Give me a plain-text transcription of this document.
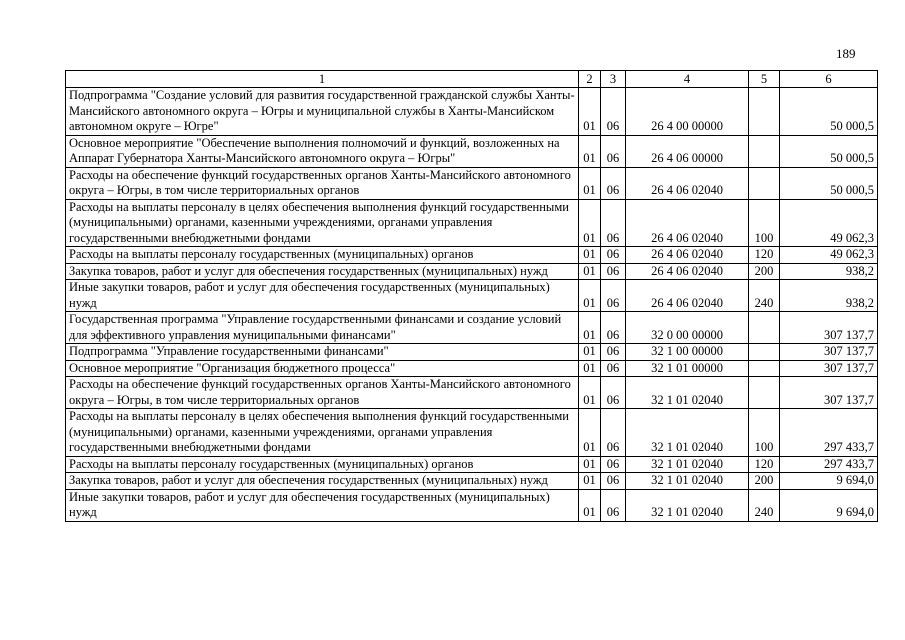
189
1	2	3	4	5	6
Подпрограмма "Создание условий для развития государственной гражданской службы Ханты-Мансийского автономного округа – Югры и муниципальной службы в Ханты-Мансийском автономном округе – Югре"	01	06	26 4 00 00000		50 000,5
Основное мероприятие "Обеспечение выполнения полномочий и функций, возложенных на Аппарат Губернатора Ханты-Мансийского автономного округа – Югры"	01	06	26 4 06 00000		50 000,5
Расходы на обеспечение функций государственных органов Ханты-Мансийского автономного округа – Югры, в том числе территориальных органов	01	06	26 4 06 02040		50 000,5
Расходы на выплаты персоналу в целях обеспечения выполнения функций государственными (муниципальными) органами, казенными учреждениями, органами управления государственными внебюджетными фондами	01	06	26 4 06 02040	100	49 062,3
Расходы на выплаты персоналу государственных (муниципальных) органов	01	06	26 4 06 02040	120	49 062,3
Закупка товаров, работ и услуг для обеспечения государственных (муниципальных) нужд	01	06	26 4 06 02040	200	938,2
Иные закупки товаров, работ и услуг для обеспечения государственных (муниципальных) нужд	01	06	26 4 06 02040	240	938,2
Государственная программа "Управление государственными финансами и создание условий для эффективного управления муниципальными финансами"	01	06	32 0 00 00000		307 137,7
Подпрограмма "Управление государственными финансами"	01	06	32 1 00 00000		307 137,7
Основное мероприятие "Организация бюджетного процесса"	01	06	32 1 01 00000		307 137,7
Расходы на обеспечение функций государственных органов Ханты-Мансийского автономного округа – Югры, в том числе территориальных органов	01	06	32 1 01 02040		307 137,7
Расходы на выплаты персоналу в целях обеспечения выполнения функций государственными (муниципальными) органами, казенными учреждениями, органами управления государственными внебюджетными фондами	01	06	32 1 01 02040	100	297 433,7
Расходы на выплаты персоналу государственных (муниципальных) органов	01	06	32 1 01 02040	120	297 433,7
Закупка товаров, работ и услуг для обеспечения государственных (муниципальных) нужд	01	06	32 1 01 02040	200	9 694,0
Иные закупки товаров, работ и услуг для обеспечения государственных (муниципальных) нужд	01	06	32 1 01 02040	240	9 694,0
